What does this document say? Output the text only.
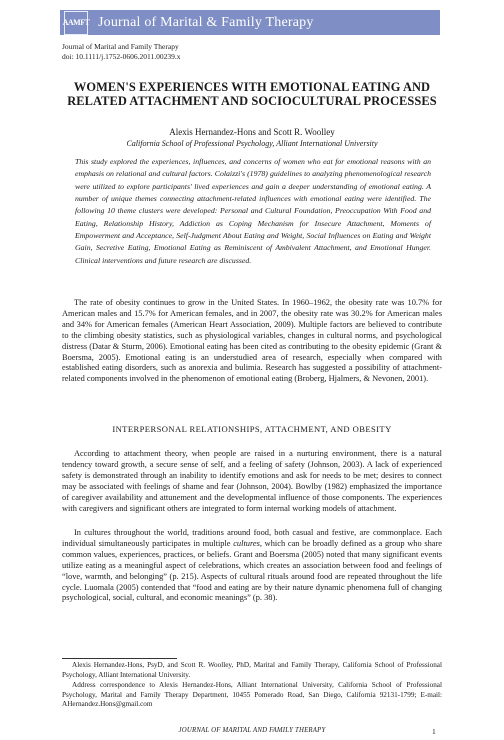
AAMFT Journal of Marital & Family Therapy
Journal of Marital and Family Therapy
doi: 10.1111/j.1752-0606.2011.00239.x
WOMEN'S EXPERIENCES WITH EMOTIONAL EATING AND RELATED ATTACHMENT AND SOCIOCULTURAL PROCESSES
Alexis Hernandez-Hons and Scott R. Woolley
California School of Professional Psychology, Alliant International University

This study explored the experiences, influences, and concerns of women who eat for emotional reasons with an emphasis on relational and cultural factors. Colaizzi's (1978) guidelines to analyzing phenomenological research were utilized to explore participants' lived experiences and gain a deeper understanding of emotional eating. A number of unique themes connecting attachment-related influences with emotional eating were identified. The following 10 theme clusters were developed: Personal and Cultural Foundation, Preoccupation With Food and Eating, Relationship History, Addiction as Coping Mechanism for Insecure Attachment, Moments of Empowerment and Acceptance, Self-Judgment About Eating and Weight, Social Influences on Eating and Weight Gain, Secretive Eating, Emotional Eating as Reminiscent of Ambivalent Attachment, and Emotional Hunger. Clinical interventions and future research are discussed.

The rate of obesity continues to grow in the United States. In 1960–1962, the obesity rate was 10.7% for American males and 15.7% for American females, and in 2007, the obesity rate was 30.2% for American males and 34% for American females (American Heart Association, 2009). Multiple factors are believed to contribute to the climbing obesity statistics, such as physiological variables, changes in cultural norms, and psychological distress (Datar & Sturm, 2006). Emotional eating has been cited as contributing to the obesity epidemic (Grant & Boersma, 2005). Emotional eating is an understudied area of research, especially when compared with established eating disorders, such as anorexia and bulimia. Research has suggested a possibility of attachment-related components involved in the phenomenon of emotional eating (Broberg, Hjalmers, & Nevonen, 2001).

INTERPERSONAL RELATIONSHIPS, ATTACHMENT, AND OBESITY

According to attachment theory, when people are raised in a nurturing environment, there is a natural tendency toward growth, a secure sense of self, and a feeling of safety (Johnson, 2003). A lack of experienced safety is demonstrated through an inability to identify emotions and ask for needs to be met; desires to connect may be associated with feelings of shame and fear (Johnson, 2004). Bowlby (1982) emphasized the importance of caregiver availability and attunement and the developmental influence of those components. The experiences with caregivers and significant others are integrated to form internal working models of attachment.

In cultures throughout the world, traditions around food, both casual and festive, are commonplace. Each individual simultaneously participates in multiple cultures, which can be broadly defined as a group who share common values, experiences, practices, or beliefs. Grant and Boersma (2005) noted that many significant events utilize eating as a meaningful aspect of celebrations, which creates an association between food and feelings of “love, warmth, and belonging” (p. 215). Aspects of cultural rituals around food are repeated throughout the life cycle. Luomala (2005) contended that “food and eating are by their nature dynamic phenomena full of changing psychological, social, cultural, and economic meanings” (p. 38).

Alexis Hernandez-Hons, PsyD, and Scott R. Woolley, PhD, Marital and Family Therapy, California School of Professional Psychology, Alliant International University.

Address correspondence to Alexis Hernandez-Hons, Alliant International University, California School of Professional Psychology, Marital and Family Therapy Department, 10455 Pomerado Road, San Diego, California 92131-1799; E-mail: AHernandez.Hons@gmail.com

JOURNAL OF MARITAL AND FAMILY THERAPY	1
